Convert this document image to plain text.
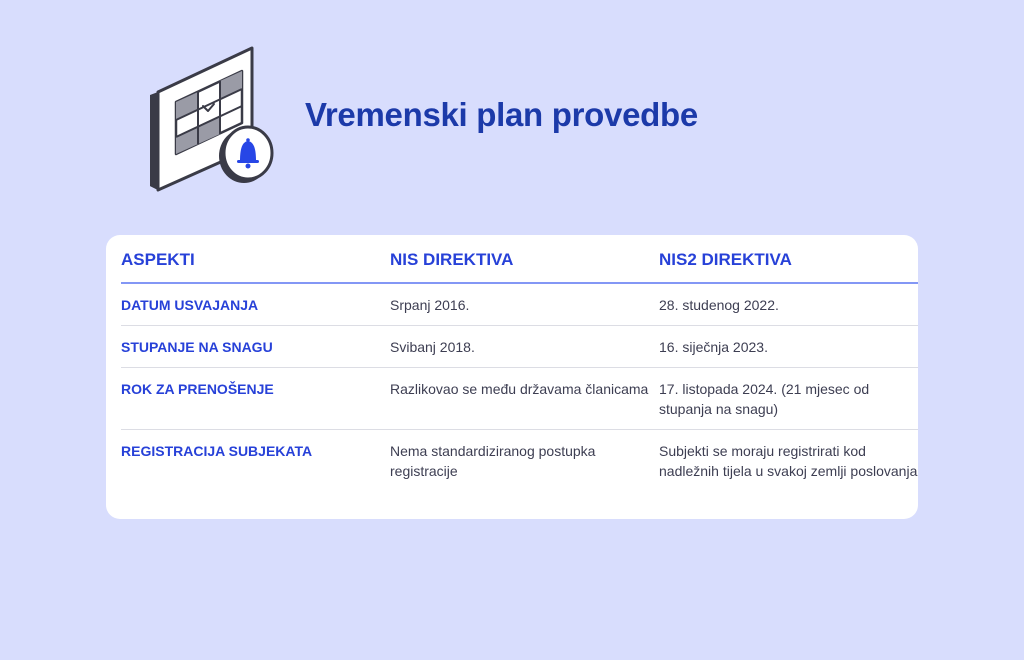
Vremenski plan provedbe
ASPEKTI	NIS DIREKTIVA	NIS2 DIREKTIVA
DATUM USVAJANJA	Srpanj 2016.	28. studenog 2022.
STUPANJE NA SNAGU	Svibanj 2018.	16. siječnja 2023.
ROK ZA PRENOŠENJE	Razlikovao se među državama članicama	17. listopada 2024. (21 mjesec od stupanja na snagu)
REGISTRACIJA SUBJEKATA	Nema standardiziranog postupka registracije	Subjekti se moraju registrirati kod nadležnih tijela u svakoj zemlji poslovanja
